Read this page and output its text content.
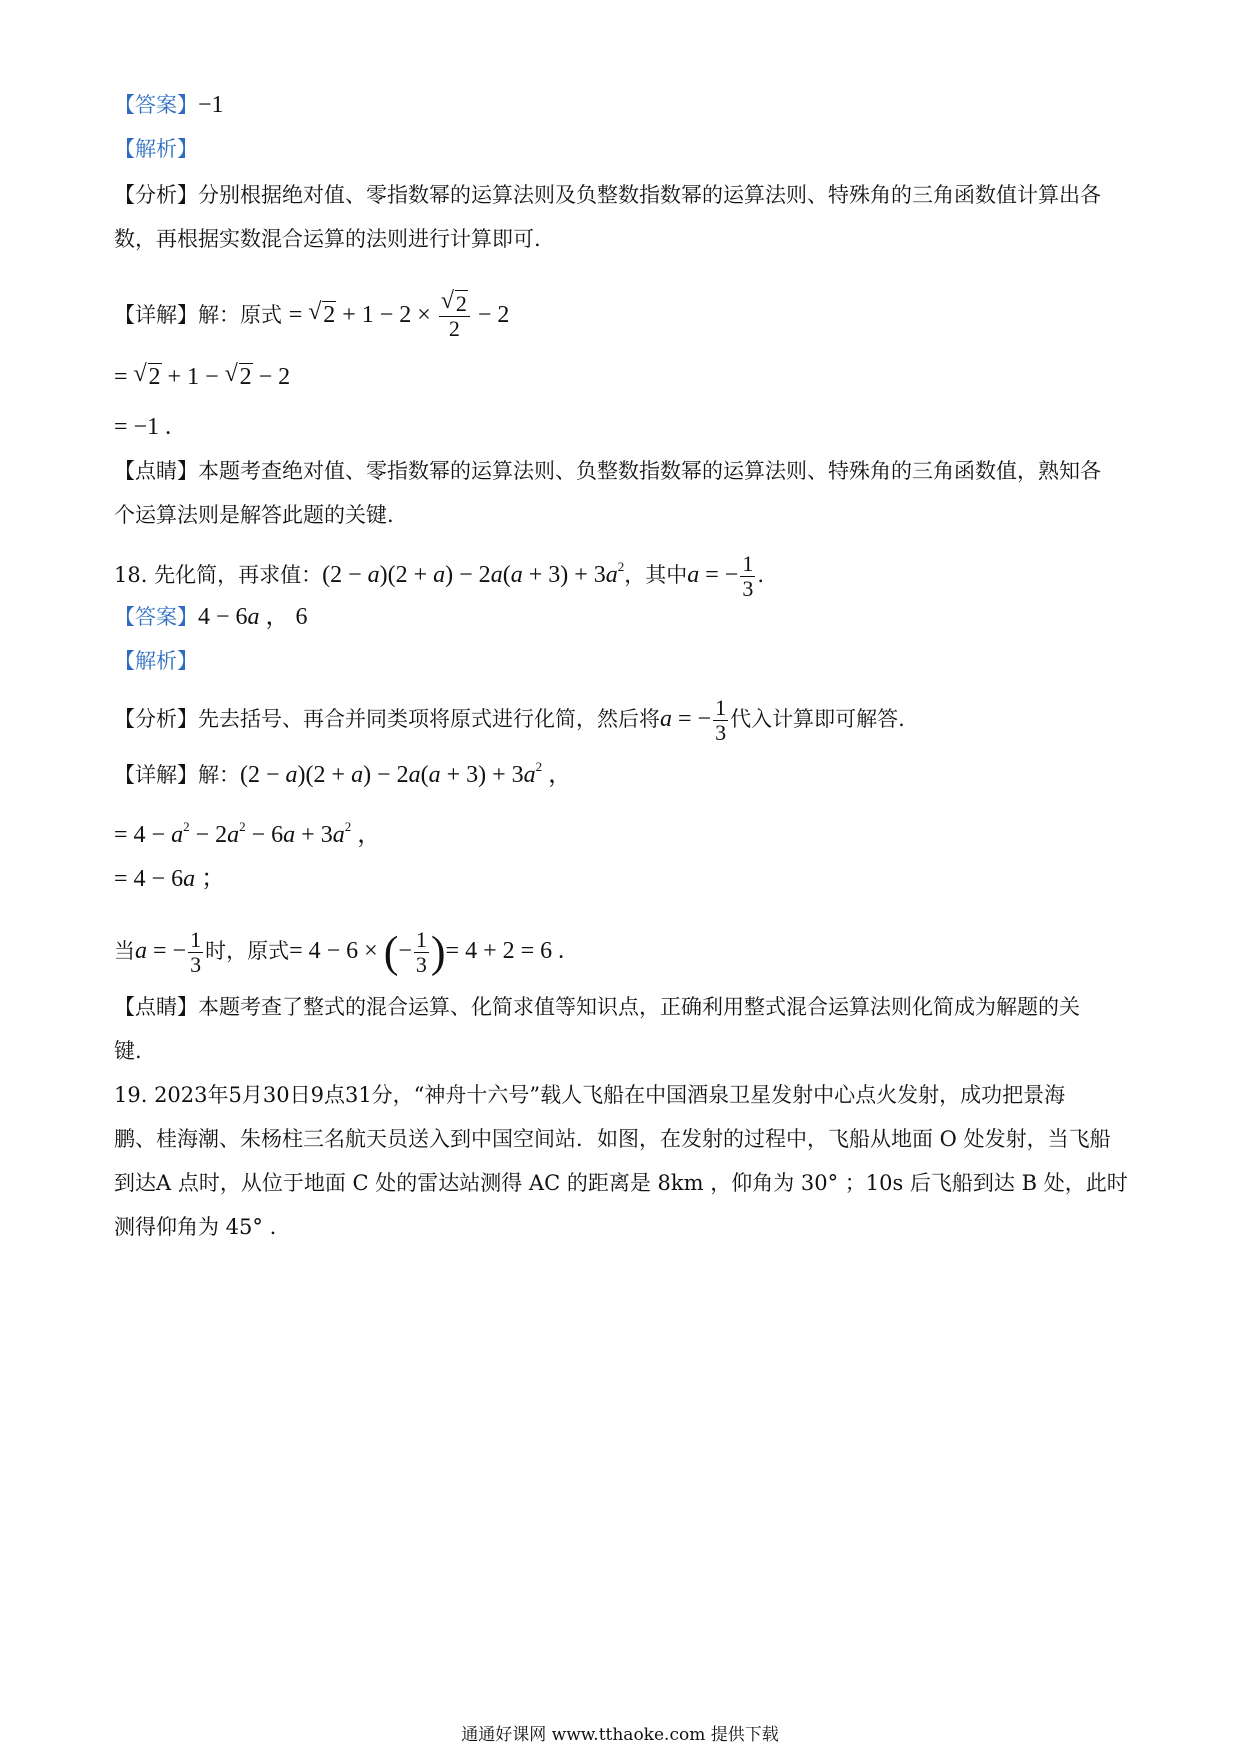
【答案】−1
【解析】
【分析】分别根据绝对值、零指数幂的运算法则及负整数指数幂的运算法则、特殊角的三角函数值计算出各
数，再根据实数混合运算的法则进行计算即可.
【详解】解：原式 = √ 2 + 1 − 2 ×
√ $\frac{2}{2} - 2$
= √ 2 + 1 − √ 2 − 2
= −1 .
【点睛】本题考查绝对值、零指数幂的运算法则、负整数指数幂的运算法则、特殊角的三角函数值，熟知各
个运算法则是解答此题的关键.
18. 先化简，再求值：$(2 - a)(2 + a) - 2a(a + 3) + 3a^2$，其中a = − $\frac{1}{3}$ .
【答案】4 − 6a ， 6
【解析】
【分析】先去括号、再合并同类项将原式进行化简，然后将a = − $\frac{1}{3}$ 代入计算即可解答.
【详解】解：$(2 - a)(2 + a) - 2a(a + 3) + 3a^2$ ，
= $4 - a^2 - 2a^2 - 6a + 3a^2$ ，
= 4 − 6a ；
当a = − $\frac{1}{3}$ 时，原式= 4 − 6 × (− $\frac{1}{3}$ )= 4 + 2 = 6 .
【点睛】本题考查了整式的混合运算、化简求值等知识点，正确利用整式混合运算法则化简成为解题的关
键.
19. 2023年5月30日9点31分，“神舟十六号”载人飞船在中国酒泉卫星发射中心点火发射，成功把景海
鹏、桂海潮、朱杨柱三名航天员送入到中国空间站．如图，在发射的过程中，飞船从地面 O 处发射，当飞船
到达A 点时，从位于地面 C 处的雷达站测得 AC 的距离是 8km ，仰角为 30° ；10s 后飞船到达 B 处，此时
测得仰角为 45° .
通通好课网 www.tthaoke.com 提供下载
